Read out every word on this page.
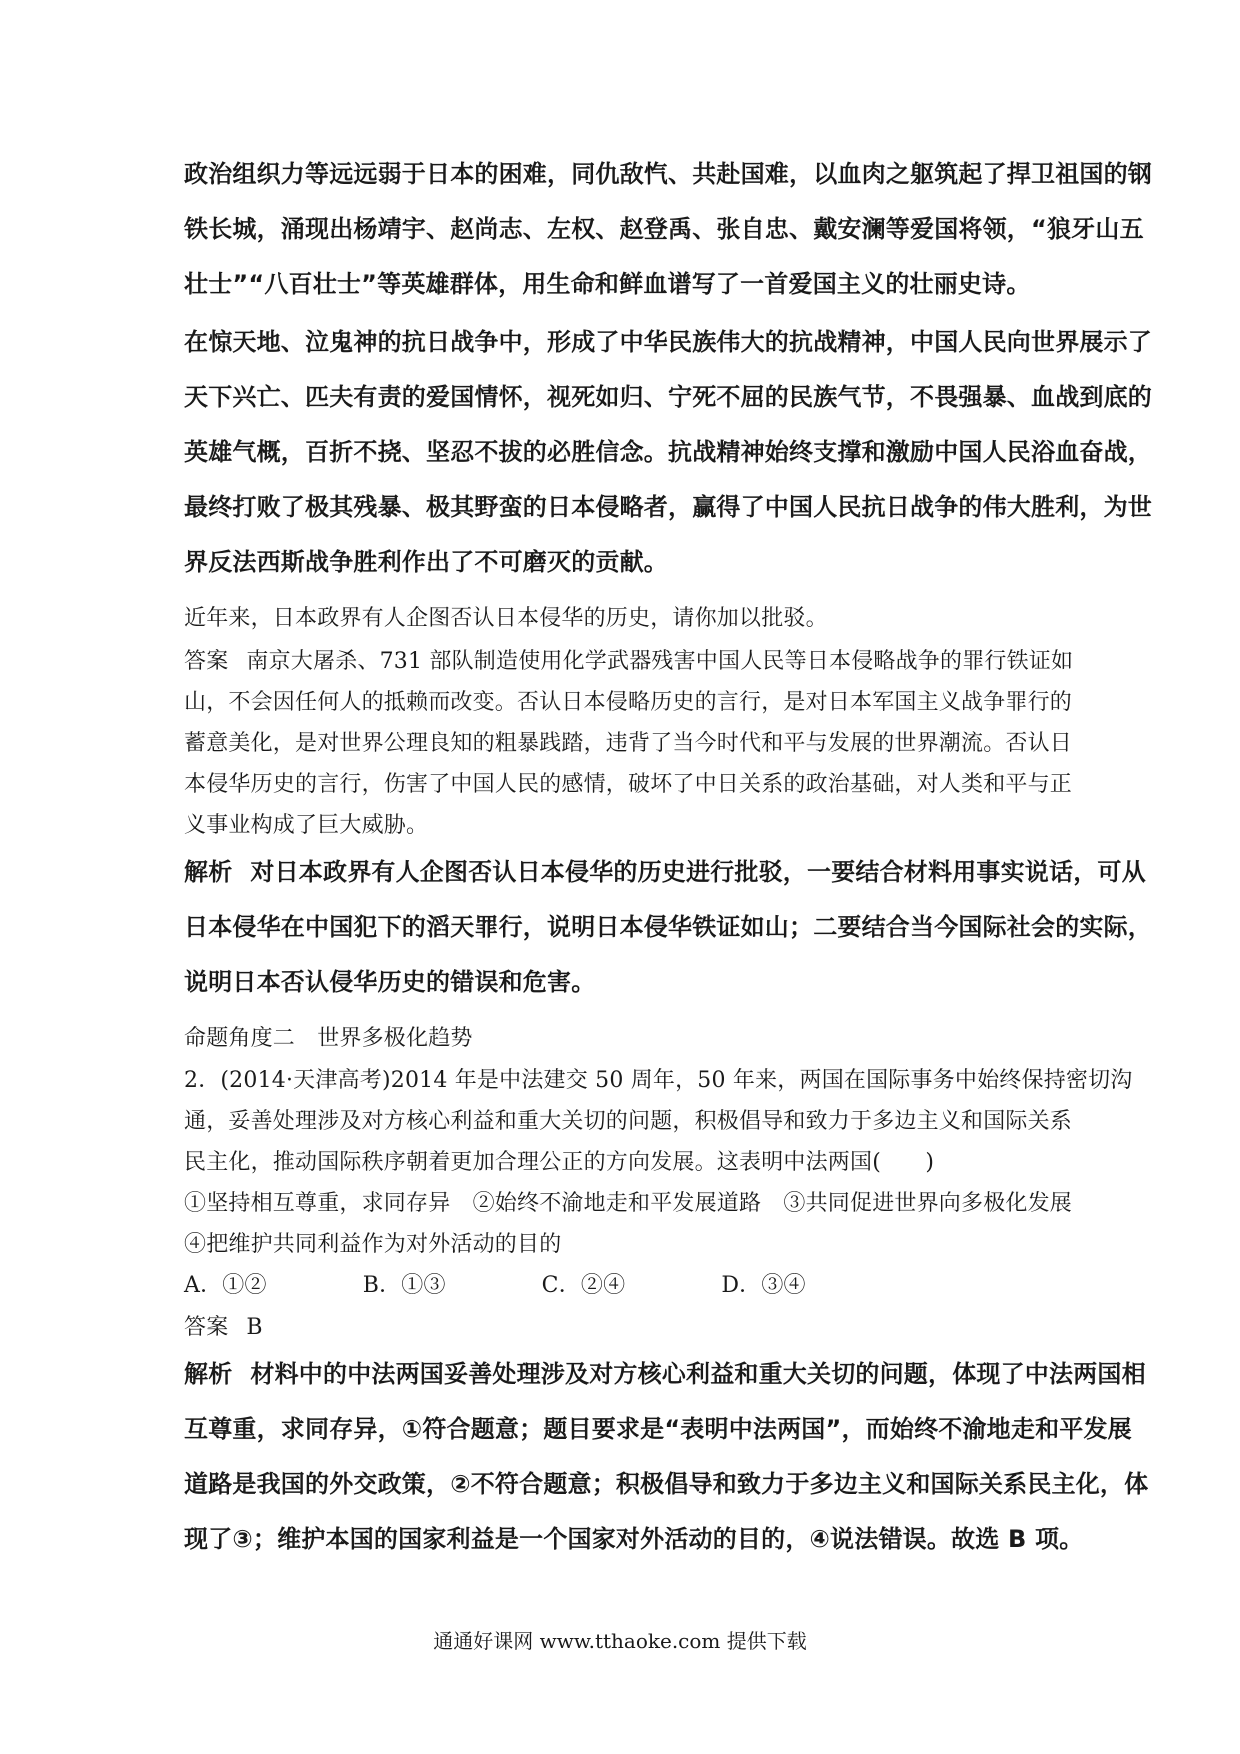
政治组织力等远远弱于日本的困难，同仇敌忾、共赴国难，以血肉之躯筑起了捍卫祖国的钢
铁长城，涌现出杨靖宇、赵尚志、左权、赵登禹、张自忠、戴安澜等爱国将领，“狼牙山五
壮士”“八百壮士”等英雄群体，用生命和鲜血谱写了一首爱国主义的壮丽史诗。
在惊天地、泣鬼神的抗日战争中，形成了中华民族伟大的抗战精神，中国人民向世界展示了
天下兴亡、匹夫有责的爱国情怀，视死如归、宁死不屈的民族气节，不畏强暴、血战到底的
英雄气概，百折不挠、坚忍不拔的必胜信念。抗战精神始终支撑和激励中国人民浴血奋战，
最终打败了极其残暴、极其野蛮的日本侵略者，赢得了中国人民抗日战争的伟大胜利，为世
界反法西斯战争胜利作出了不可磨灭的贡献。
近年来，日本政界有人企图否认日本侵华的历史，请你加以批驳。
答案 南京大屠杀、731 部队制造使用化学武器残害中国人民等日本侵略战争的罪行铁证如
山，不会因任何人的抵赖而改变。否认日本侵略历史的言行，是对日本军国主义战争罪行的
蓄意美化，是对世界公理良知的粗暴践踏，违背了当今时代和平与发展的世界潮流。否认日
本侵华历史的言行，伤害了中国人民的感情，破坏了中日关系的政治基础，对人类和平与正
义事业构成了巨大威胁。
解析 对日本政界有人企图否认日本侵华的历史进行批驳，一要结合材料用事实说话，可从
日本侵华在中国犯下的滔天罪行，说明日本侵华铁证如山；二要结合当今国际社会的实际，
说明日本否认侵华历史的错误和危害。
命题角度二　世界多极化趋势
2．(2014·天津高考)2014 年是中法建交 50 周年，50 年来，两国在国际事务中始终保持密切沟
通，妥善处理涉及对方核心利益和重大关切的问题，积极倡导和致力于多边主义和国际关系
民主化，推动国际秩序朝着更加合理公正的方向发展。这表明中法两国(　　)
①坚持相互尊重，求同存异　②始终不渝地走和平发展道路　③共同促进世界向多极化发展
④把维护共同利益作为对外活动的目的
A．①②	B．①③	C．②④	D．③④
答案 B
解析 材料中的中法两国妥善处理涉及对方核心利益和重大关切的问题，体现了中法两国相
互尊重，求同存异，①符合题意；题目要求是“表明中法两国”，而始终不渝地走和平发展
道路是我国的外交政策，②不符合题意；积极倡导和致力于多边主义和国际关系民主化，体
现了③；维护本国的国家利益是一个国家对外活动的目的，④说法错误。故选 B 项。
通通好课网 www.tthaoke.com 提供下载
